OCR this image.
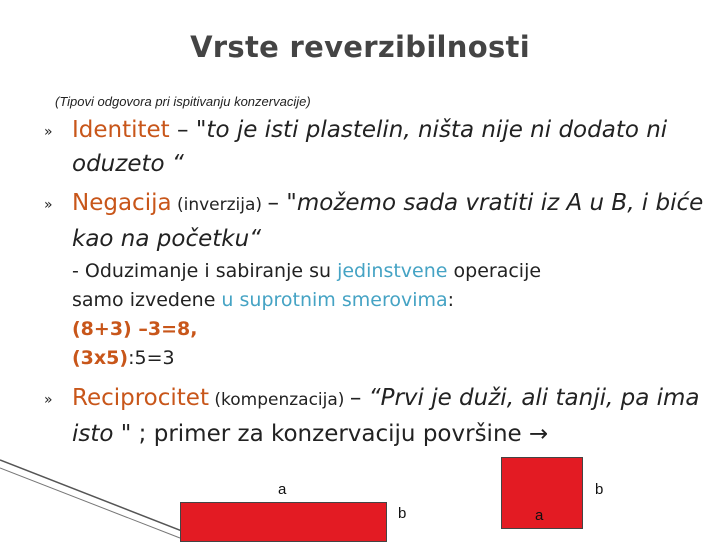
Vrste reverzibilnosti
(Tipovi odgovora pri ispitivanju konzervacije)
» Identitet – "to je isti plastelin, ništa nije ni dodato ni oduzeto “
» Negacija (inverzija) – "možemo sada vratiti iz A u B, i biće kao na početku“
- Oduzimanje i sabiranje su jedinstvene operacije
samo izvedene u suprotnim smerovima:
(8+3) –3=8,
(3x5):5=3
» Reciprocitet (kompenzacija) – “Prvi je duži, ali tanji, pa ima isto " ; primer za konzervaciju površine →
a
b
b
a
